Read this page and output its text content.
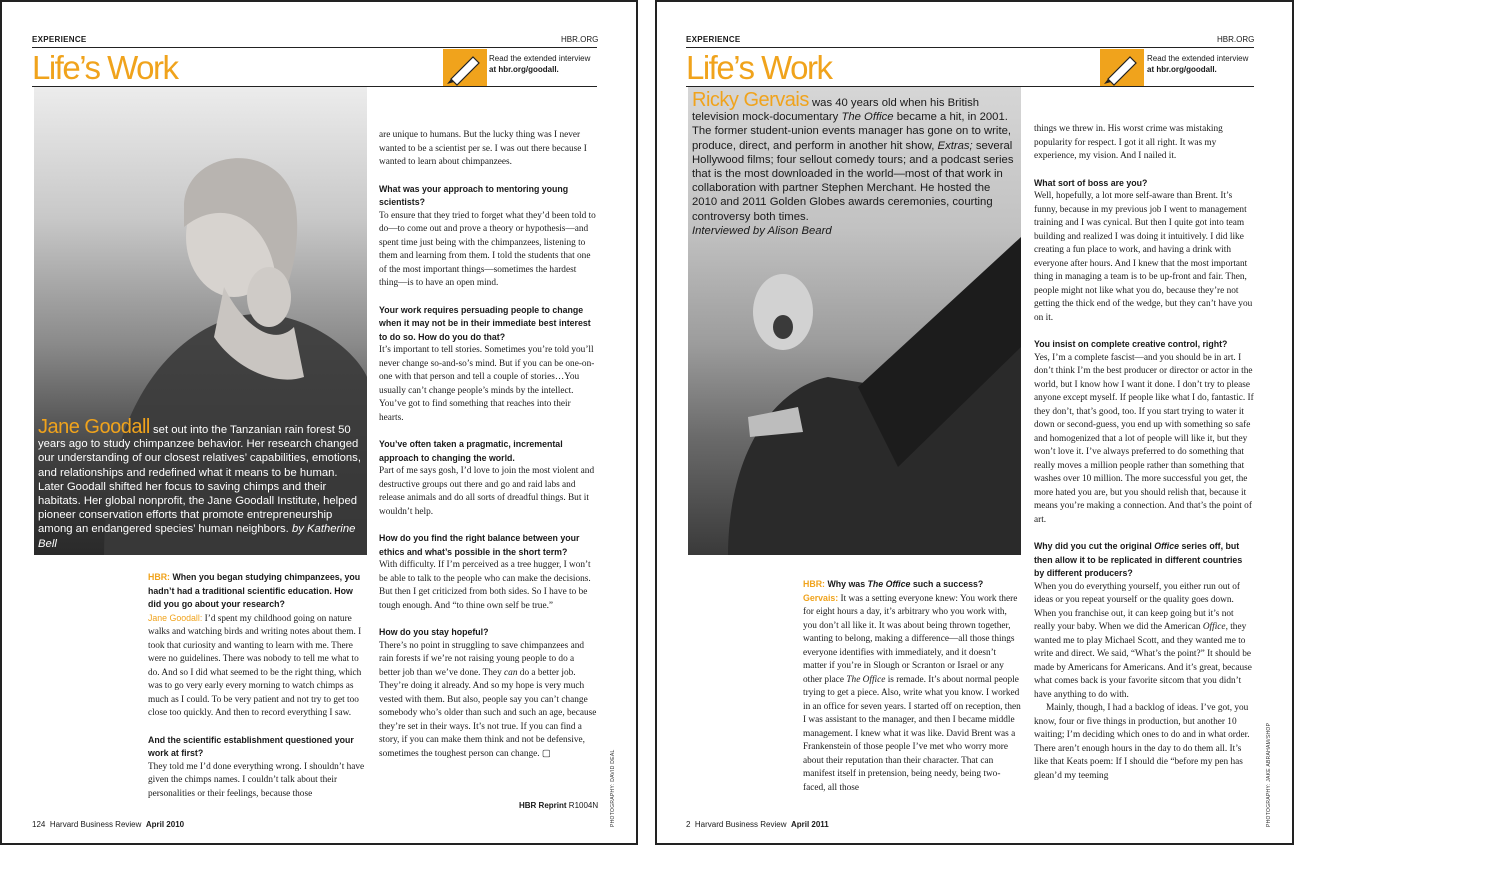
EXPERIENCE	HBR.ORG
Life’s Work	Read the extended interview
at hbr.org/goodall.
Jane Goodall set out into the Tanzanian rain forest 50 years ago to study chimpanzee behavior. Her research changed our understanding of our closest relatives’ capabilities, emotions, and relationships and redefined what it means to be human. Later Goodall shifted her focus to saving chimps and their habitats. Her global nonprofit, the Jane Goodall Institute, helped pioneer conservation efforts that promote entrepreneurship among an endangered species’ human neighbors. by Katherine Bell

HBR: When you began studying chimpanzees, you hadn’t had a traditional scientific education. How did you go about your research?
Jane Goodall: I’d spent my childhood going on nature walks and watching birds and writing notes about them. I took that curiosity and wanting to learn with me. There were no guidelines. There was nobody to tell me what to do. And so I did what seemed to be the right thing, which was to go very early every morning to watch chimps as much as I could. To be very patient and not try to get too close too quickly. And then to record everything I saw.

And the scientific establishment questioned your work at first?
They told me I’d done everything wrong. I shouldn’t have given the chimps names. I couldn’t talk about their personalities or their feelings, because those

are unique to humans. But the lucky thing was I never wanted to be a scientist per se. I was out there because I wanted to learn about chimpanzees.

What was your approach to mentoring young scientists?
To ensure that they tried to forget what they’d been told to do—to come out and prove a theory or hypothesis—and spent time just being with the chimpanzees, listening to them and learning from them. I told the students that one of the most important things—sometimes the hardest thing—is to have an open mind.

Your work requires persuading people to change when it may not be in their immediate best interest to do so. How do you do that?
It’s important to tell stories. Sometimes you’re told you’ll never change so-and-so’s mind. But if you can be one-on-one with that person and tell a couple of stories…You usually can’t change people’s minds by the intellect. You’ve got to find something that reaches into their hearts.

You’ve often taken a pragmatic, incremental approach to changing the world.
Part of me says gosh, I’d love to join the most violent and destructive groups out there and go and raid labs and release animals and do all sorts of dreadful things. But it wouldn’t help.

How do you find the right balance between your ethics and what’s possible in the short term?
With difficulty. If I’m perceived as a tree hugger, I won’t be able to talk to the people who can make the decisions. But then I get criticized from both sides. So I have to be tough enough. And “to thine own self be true.”

How do you stay hopeful?
There’s no point in struggling to save chimpanzees and rain forests if we’re not raising young people to do a better job than we’ve done. They can do a better job. They’re doing it already. And so my hope is very much vested with them. But also, people say you can’t change somebody who’s older than such and such an age, because they’re set in their ways. It’s not true. If you can find a story, if you can make them think and not be defensive, sometimes the toughest person can change. ▢

HBR Reprint R1004N PHOTOGRAPHY: DAVID DEAL
124 Harvard Business Review April 2010
EXPERIENCE	HBR.ORG
Life’s Work	Read the extended interview
at hbr.org/goodall.
Ricky Gervais was 40 years old when his British television mock-documentary The Office became a hit, in 2001. The former student-union events manager has gone on to write, produce, direct, and perform in another hit show, Extras; several Hollywood films; four sellout comedy tours; and a podcast series that is the most downloaded in the world—most of that work in collaboration with partner Stephen Merchant. He hosted the 2010 and 2011 Golden Globes awards ceremonies, courting controversy both times.
Interviewed by Alison Beard

HBR: Why was The Office such a success?
Gervais: It was a setting everyone knew: You work there for eight hours a day, it’s arbitrary who you work with, you don’t all like it. It was about being thrown together, wanting to belong, making a difference—all those things everyone identifies with immediately, and it doesn’t matter if you’re in Slough or Scranton or Israel or any other place The Office is remade. It’s about normal people trying to get a piece. Also, write what you know. I worked in an office for seven years. I started off on reception, then I was assistant to the manager, and then I became middle management. I knew what it was like. David Brent was a Frankenstein of those people I’ve met who worry more about their reputation than their character. That can manifest itself in pretension, being needy, being two-faced, all those

things we threw in. His worst crime was mistaking popularity for respect. I got it all right. It was my experience, my vision. And I nailed it.

What sort of boss are you?
Well, hopefully, a lot more self-aware than Brent. It’s funny, because in my previous job I went to management training and I was cynical. But then I quite got into team building and realized I was doing it intuitively. I did like creating a fun place to work, and having a drink with everyone after hours. And I knew that the most important thing in managing a team is to be up-front and fair. Then, people might not like what you do, because they’re not getting the thick end of the wedge, but they can’t have you on it.

You insist on complete creative control, right?
Yes, I’m a complete fascist—and you should be in art. I don’t think I’m the best producer or director or actor in the world, but I know how I want it done. I don’t try to please anyone except myself. If people like what I do, fantastic. If they don’t, that’s good, too. If you start trying to water it down or second-guess, you end up with something so safe and homogenized that a lot of people will like it, but they won’t love it. I’ve always preferred to do something that really moves a million people rather than something that washes over 10 million. The more successful you get, the more hated you are, but you should relish that, because it means you’re making a connection. And that’s the point of art.

Why did you cut the original Office series off, but then allow it to be replicated in different countries by different producers?
When you do everything yourself, you either run out of ideas or you repeat yourself or the quality goes down. When you franchise out, it can keep going but it’s not really your baby. When we did the American Office, they wanted me to play Michael Scott, and they wanted me to write and direct. We said, “What’s the point?” It should be made by Americans for Americans. And it’s great, because what comes back is your favorite sitcom that you didn’t have anything to do with.

Mainly, though, I had a backlog of ideas. I’ve got, you know, four or five things in production, but another 10 waiting; I’m deciding which ones to do and in what order. There aren’t enough hours in the day to do them all. It’s like that Keats poem: If I should die “before my pen has glean’d my teeming	PHOTOGRAPHY: JAKE ABRAHAM/SHOP
2 Harvard Business Review April 2011
